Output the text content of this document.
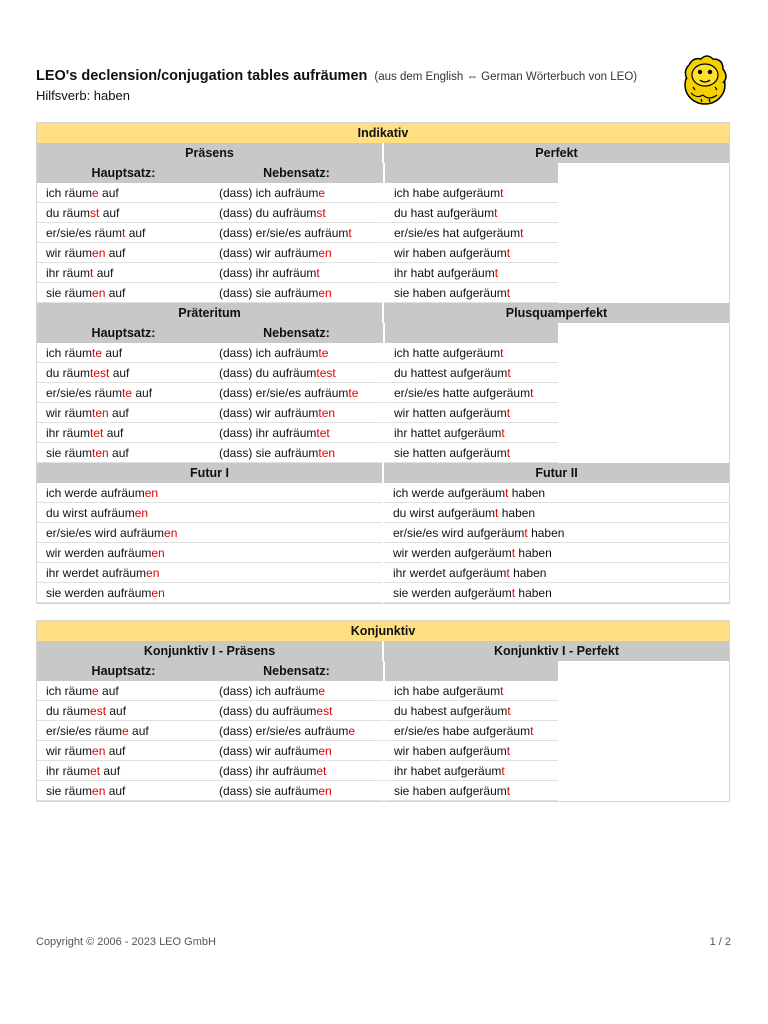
LEO's declension/conjugation tables aufräumen (aus dem English ⇔ German Wörterbuch von LEO)
Hilfsverb: haben
Indikativ
Präsens	Perfekt
Hauptsatz:	Nebensatz:
ich räume auf	(dass) ich aufräume	ich habe aufgeräumt
du räumst auf	(dass) du aufräumst	du hast aufgeräumt
er/sie/es räumt auf	(dass) er/sie/es aufräumt	er/sie/es hat aufgeräumt
wir räumen auf	(dass) wir aufräumen	wir haben aufgeräumt
ihr räumt auf	(dass) ihr aufräumt	ihr habt aufgeräumt
sie räumen auf	(dass) sie aufräumen	sie haben aufgeräumt
Präteritum	Plusquamperfekt
Hauptsatz:	Nebensatz:
ich räumte auf	(dass) ich aufräumte	ich hatte aufgeräumt
du räumtest auf	(dass) du aufräumtest	du hattest aufgeräumt
er/sie/es räumte auf	(dass) er/sie/es aufräumte	er/sie/es hatte aufgeräumt
wir räumten auf	(dass) wir aufräumten	wir hatten aufgeräumt
ihr räumtet auf	(dass) ihr aufräumtet	ihr hattet aufgeräumt
sie räumten auf	(dass) sie aufräumten	sie hatten aufgeräumt
Futur I	Futur II
ich werde aufräumen	ich werde aufgeräumt haben
du wirst aufräumen	du wirst aufgeräumt haben
er/sie/es wird aufräumen	er/sie/es wird aufgeräumt haben
wir werden aufräumen	wir werden aufgeräumt haben
ihr werdet aufräumen	ihr werdet aufgeräumt haben
sie werden aufräumen	sie werden aufgeräumt haben
Konjunktiv
Konjunktiv I - Präsens	Konjunktiv I - Perfekt
Hauptsatz:	Nebensatz:
ich räume auf	(dass) ich aufräume	ich habe aufgeräumt
du räumest auf	(dass) du aufräumest	du habest aufgeräumt
er/sie/es räume auf	(dass) er/sie/es aufräume	er/sie/es habe aufgeräumt
wir räumen auf	(dass) wir aufräumen	wir haben aufgeräumt
ihr räumet auf	(dass) ihr aufräumet	ihr habet aufgeräumt
sie räumen auf	(dass) sie aufräumen	sie haben aufgeräumt
Copyright © 2006 - 2023 LEO GmbH	1 / 2
